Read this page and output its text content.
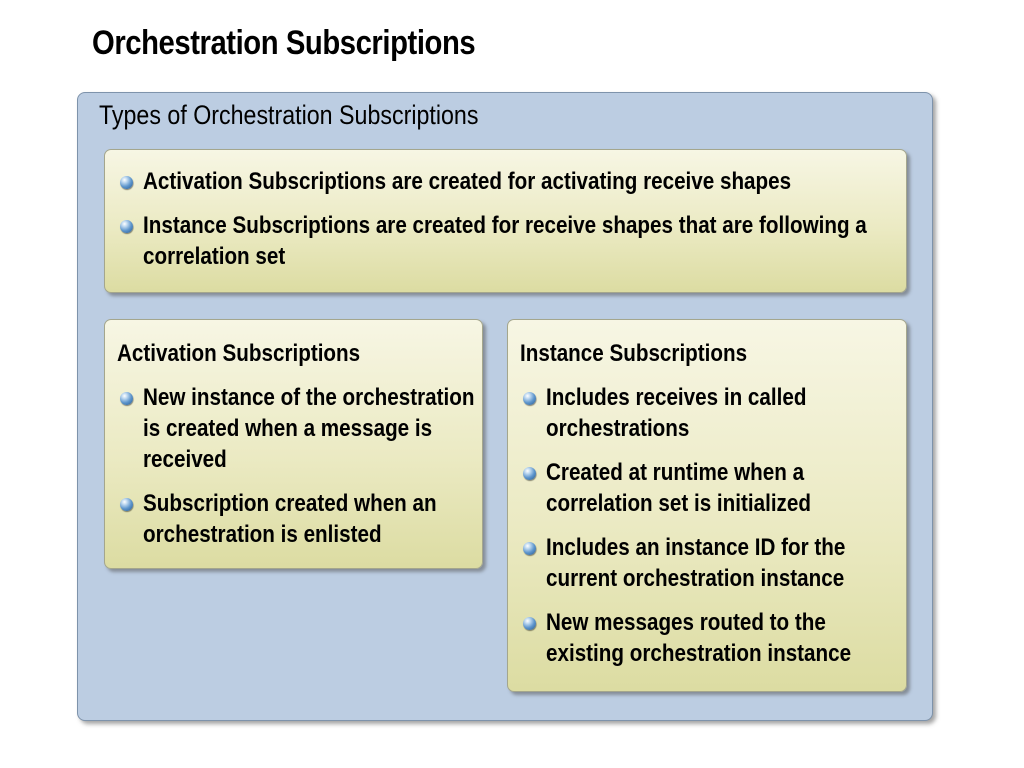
Orchestration Subscriptions
Types of Orchestration Subscriptions
Activation Subscriptions are created for activating receive shapes
Instance Subscriptions are created for receive shapes that are following a correlation set
Activation Subscriptions
New instance of the orchestration is created when a message is received
Subscription created when an orchestration is enlisted
Instance Subscriptions
Includes receives in called orchestrations
Created at runtime when a correlation set is initialized
Includes an instance ID for the current orchestration instance
New messages routed to the existing orchestration instance
